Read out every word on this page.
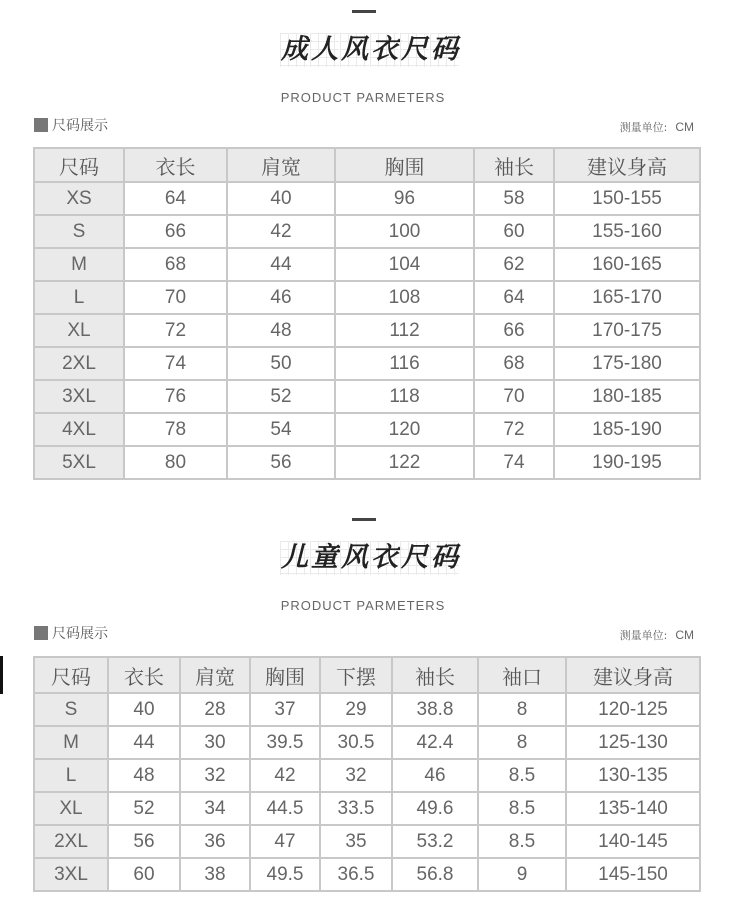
成 人 风 衣 尺 码
PRODUCT PARMETERS
尺码展示	测量单位: CM
尺码	衣长	肩宽	胸围	袖长	建议身高
XS	64	40	96	58	150-155
S	66	42	100	60	155-160
M	68	44	104	62	160-165
L	70	46	108	64	165-170
XL	72	48	112	66	170-175
2XL	74	50	116	68	175-180
3XL	76	52	118	70	180-185
4XL	78	54	120	72	185-190
5XL	80	56	122	74	190-195
儿 童 风 衣 尺 码
PRODUCT PARMETERS
尺码展示	测量单位: CM
尺码	衣长	肩宽	胸围	下摆	袖长	袖口	建议身高
S	40	28	37	29	38.8	8	120-125
M	44	30	39.5	30.5	42.4	8	125-130
L	48	32	42	32	46	8.5	130-135
XL	52	34	44.5	33.5	49.6	8.5	135-140
2XL	56	36	47	35	53.2	8.5	140-145
3XL	60	38	49.5	36.5	56.8	9	145-150
